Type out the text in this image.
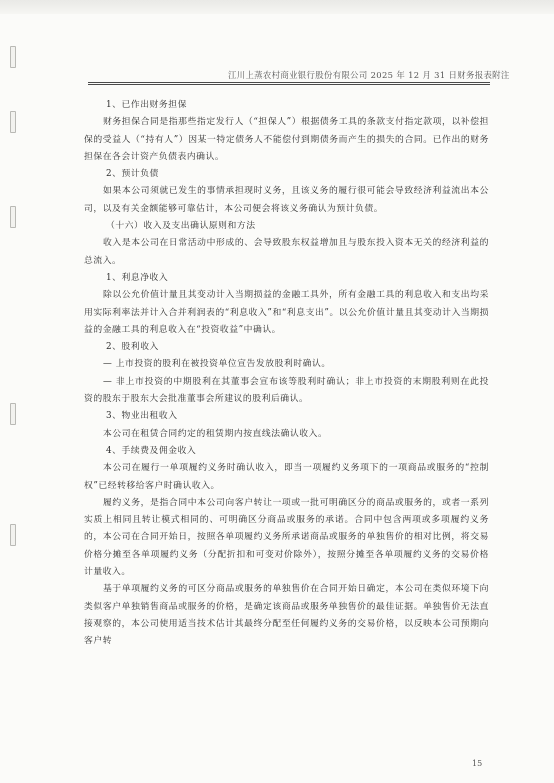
江川上蒸农村商业银行股份有限公司 2025 年 12 月 31 日财务报表附注

1、已作出财务担保

财务担保合同是指那些指定发行人（“担保人”）根据债务工具的条款支付指定款项，以补偿担保的受益人（“持有人”）因某一特定债务人不能偿付到期债务而产生的损失的合同。已作出的财务担保在各会计资产负债表内确认。

2、预计负债

如果本公司须就已发生的事情承担现时义务，且该义务的履行很可能会导致经济利益流出本公司，以及有关金额能够可靠估计，本公司便会将该义务确认为预计负债。

（十六）收入及支出确认原则和方法

收入是本公司在日常活动中形成的、会导致股东权益增加且与股东投入资本无关的经济利益的总流入。

1、利息净收入

除以公允价值计量且其变动计入当期损益的金融工具外，所有金融工具的利息收入和支出均采用实际利率法并计入合并利润表的“利息收入”和“利息支出”。以公允价值计量且其变动计入当期损益的金融工具的利息收入在“投资收益”中确认。

2、股利收入

— 上市投资的股利在被投资单位宣告发放股利时确认。

— 非上市投资的中期股利在其董事会宣布该等股利时确认；非上市投资的末期股利则在此投资的股东于股东大会批准董事会所建议的股利后确认。

3、物业出租收入

本公司在租赁合同约定的租赁期内按直线法确认收入。

4、手续费及佣金收入

本公司在履行一单项履约义务时确认收入，即当一项履约义务项下的一项商品或服务的“控制权”已经转移给客户时确认收入。

履约义务，是指合同中本公司向客户转让一项或一批可明确区分的商品或服务的，或者一系列实质上相同且转让模式相同的、可明确区分商品或服务的承诺。合同中包含两项或多项履约义务的，本公司在合同开始日，按照各单项履约义务所承诺商品或服务的单独售价的相对比例，将交易价格分摊至各单项履约义务（分配折扣和可变对价除外），按照分摊至各单项履约义务的交易价格计量收入。

基于单项履约义务的可区分商品或服务的单独售价在合同开始日确定，本公司在类似环境下向类似客户单独销售商品或服务的价格，是确定该商品或服务单独售价的最佳证据。单独售价无法直接观察的，本公司使用适当技术估计其最终分配至任何履约义务的交易价格，以反映本公司预期向客户转

15
